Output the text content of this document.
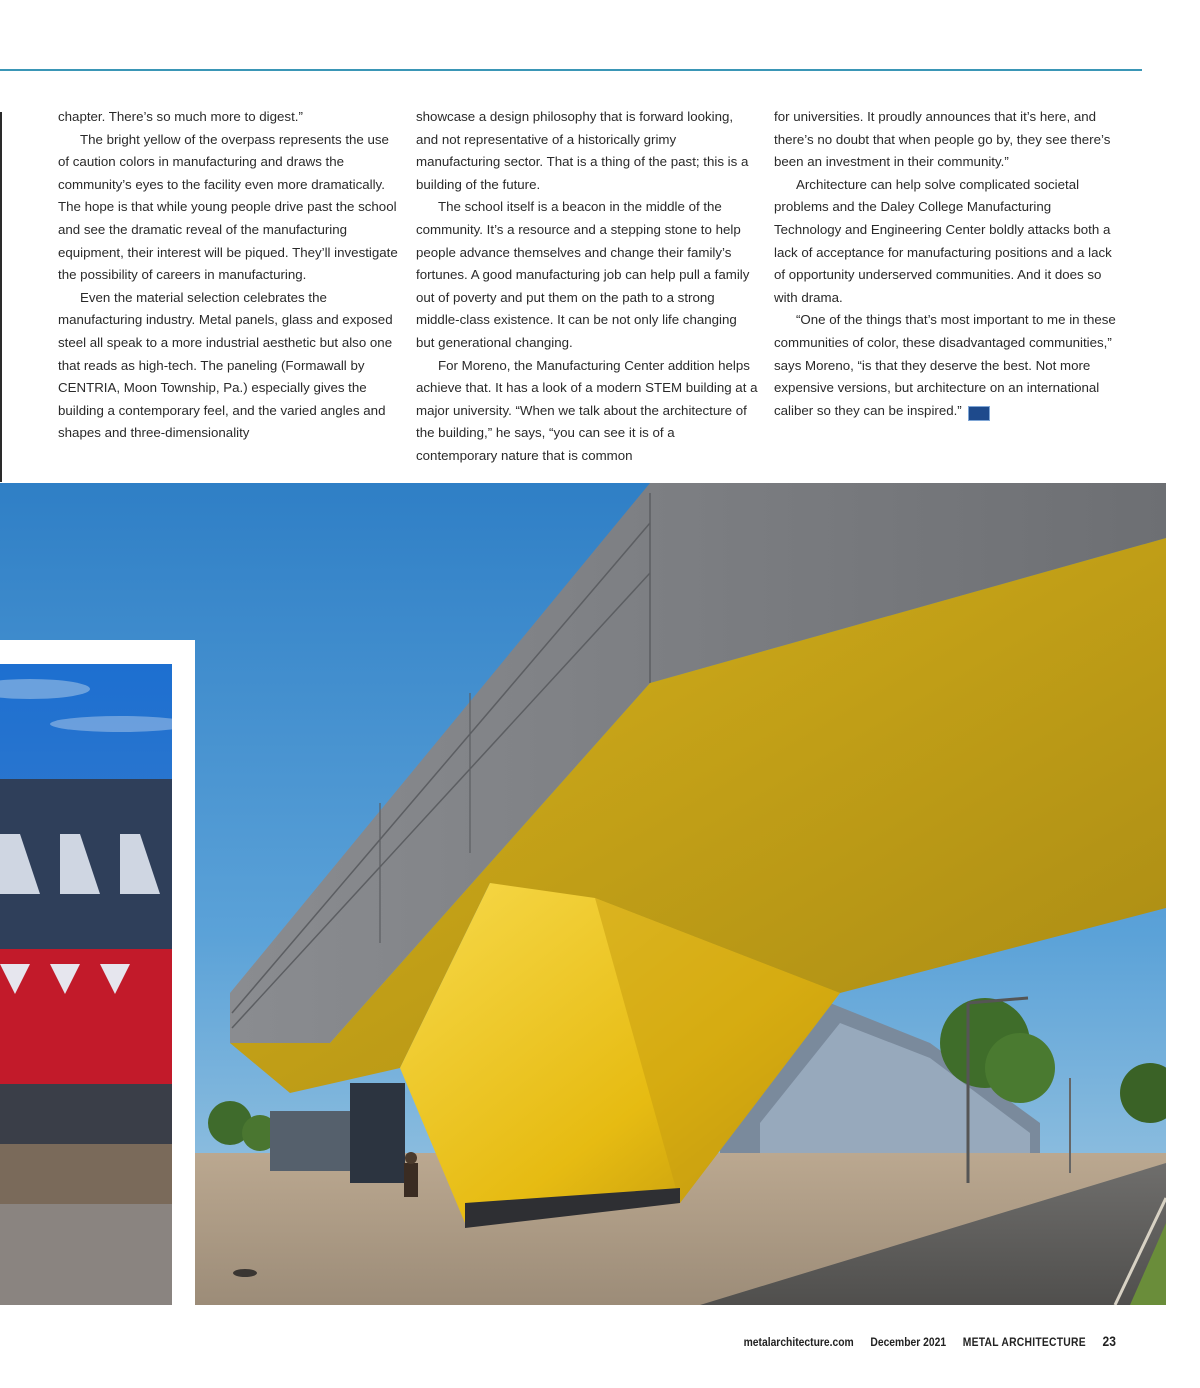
chapter. There’s so much more to digest.”

The bright yellow of the overpass represents the use of caution colors in manufacturing and draws the community’s eyes to the facility even more dramatically. The hope is that while young people drive past the school and see the dramatic reveal of the manufacturing equipment, their interest will be piqued. They’ll investigate the possibility of careers in manufacturing.

Even the material selection celebrates the manufacturing industry. Metal panels, glass and exposed steel all speak to a more industrial aesthetic but also one that reads as high-tech. The paneling (Formawall by CENTRIA, Moon Township, Pa.) especially gives the building a contemporary feel, and the varied angles and shapes and three-dimensionality

showcase a design philosophy that is forward looking, and not representative of a historically grimy manufacturing sector. That is a thing of the past; this is a building of the future.

The school itself is a beacon in the middle of the community. It’s a resource and a stepping stone to help people advance themselves and change their family’s fortunes. A good manufacturing job can help pull a family out of poverty and put them on the path to a strong middle-class existence. It can be not only life changing but generational changing.

For Moreno, the Manufacturing Center addition helps achieve that. It has a look of a modern STEM building at a major university. “When we talk about the architecture of the building,” he says, “you can see it is of a contemporary nature that is common

for universities. It proudly announces that it’s here, and there’s no doubt that when people go by, they see there’s been an investment in their community.”

Architecture can help solve complicated societal problems and the Daley College Manufacturing Technology and Engineering Center boldly attacks both a lack of acceptance for manufacturing positions and a lack of opportunity underserved communities. And it does so with drama.

“One of the things that’s most important to me in these communities of color, these disadvantaged communities,” says Moreno, “is that they deserve the best. Not more expensive versions, but architecture on an international caliber so they can be inspired.”	Ma

metalarchitecture.com December 2021 METAL ARCHITECTURE 23
